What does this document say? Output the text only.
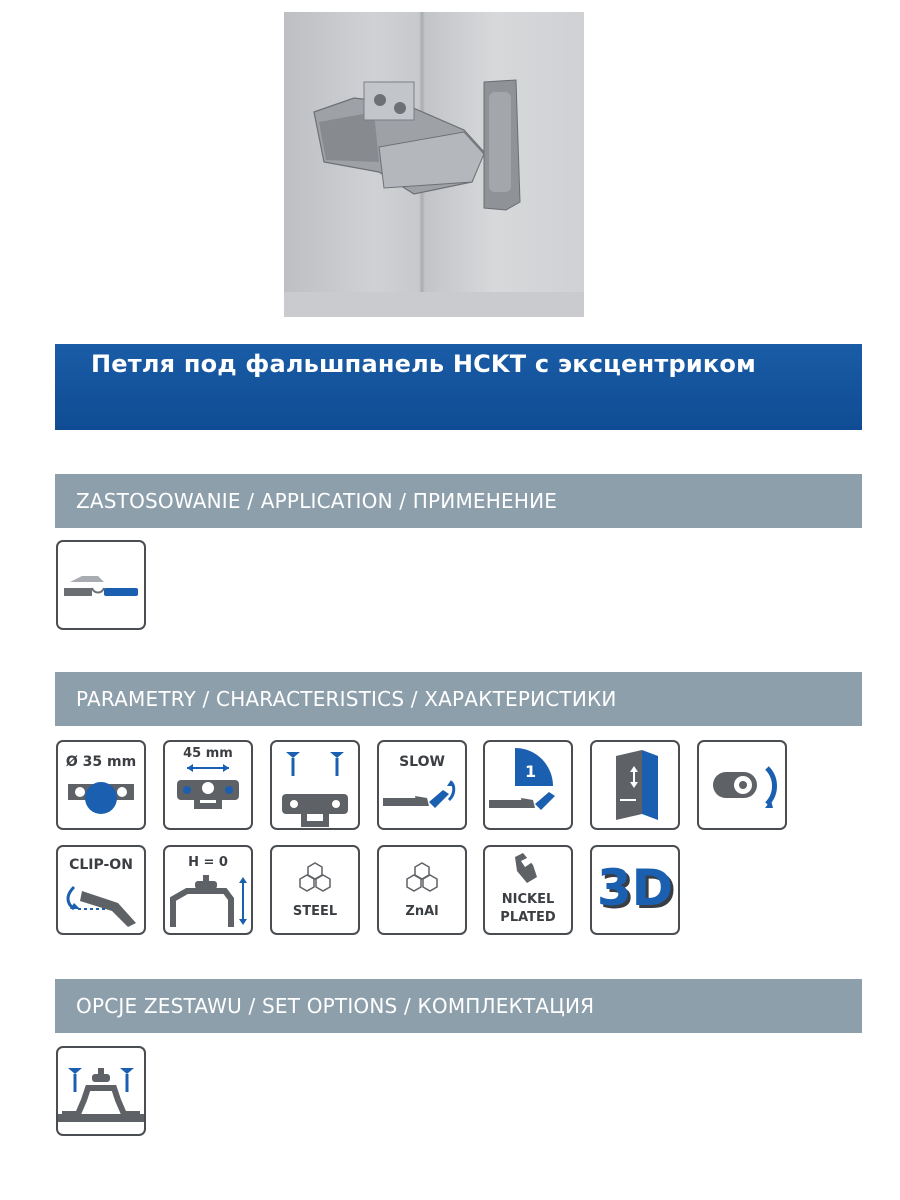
Петля под фальшпанель HCKT с эксцентриком
ZASTOSOWANIE / APPLICATION / ПРИМЕНЕНИЕ
PARAMETRY / CHARACTERISTICS / ХАРАКТЕРИСТИКИ
Ø 35 mm
45 mm
SLOW	1
CLIP-ON	H = 0
STEEL	ZnAl
NICKEL
PLATED
3D
OPCJE ZESTAWU / SET OPTIONS / КОМПЛЕКТАЦИЯ
